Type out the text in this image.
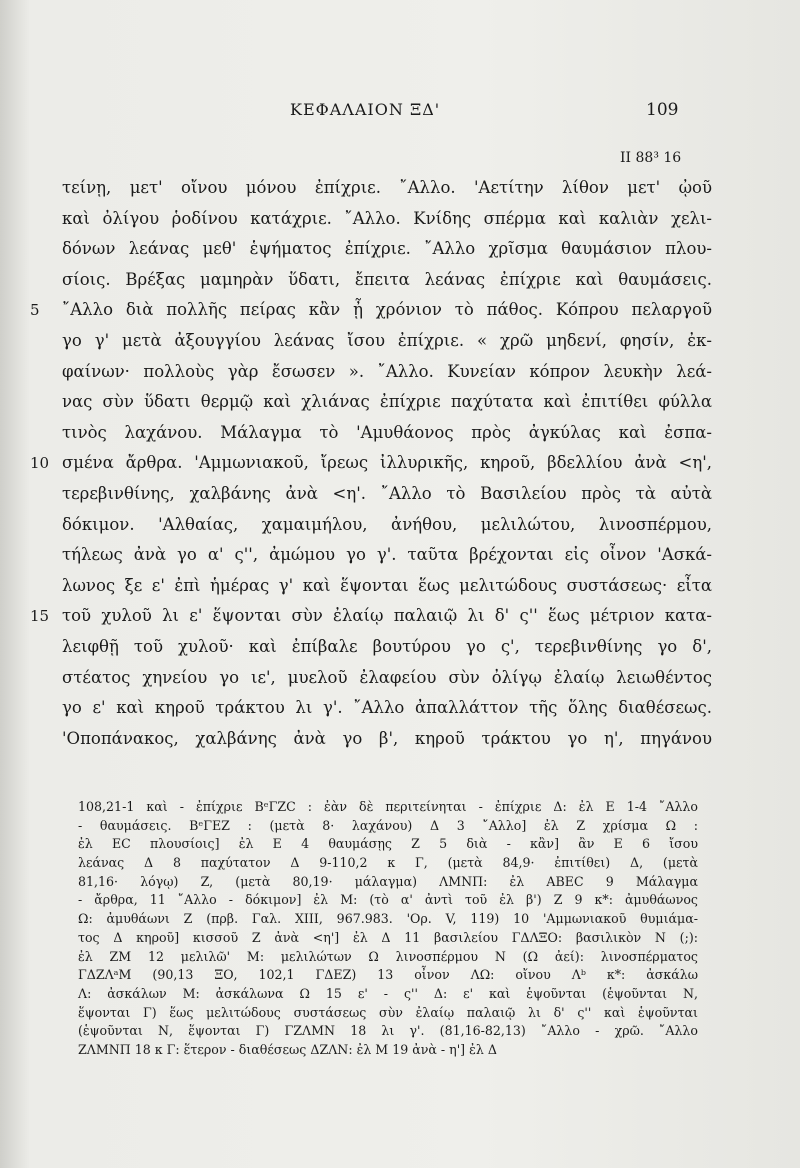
ΚΕΦΑΛΑΙΟΝ ΞΔ'	109
II 88³ 16
τείνῃ, μετ' οἴνου μόνου ἐπίχριε. ῎Αλλο. 'Αετίτην λίθον μετ' ᾠοῦ
καὶ ὀλίγου ῥοδίνου κατάχριε. ῎Αλλο. Κνίδης σπέρμα καὶ καλιὰν χελι-
δόνων λεάνας μεθ' ἑψήματος ἐπίχριε. ῎Αλλο χρῖσμα θαυμάσιον πλου-
σίοις. Βρέξας μαμηρὰν ὕδατι, ἔπειτα λεάνας ἐπίχριε καὶ θαυμάσεις.
5	῎Αλλο διὰ πολλῆς πείρας κἂν ᾖ χρόνιον τὸ πάθος. Κόπρου πελαργοῦ
γο γ' μετὰ ἀξουγγίου λεάνας ἴσου ἐπίχριε. « χρῶ μηδενί, φησίν, ἐκ-
φαίνων· πολλοὺς γὰρ ἔσωσεν ». ῎Αλλο. Κυνείαν κόπρον λευκὴν λεά-
νας σὺν ὕδατι θερμῷ καὶ χλιάνας ἐπίχριε παχύτατα καὶ ἐπιτίθει φύλλα
τινὸς λαχάνου. Μάλαγμα τὸ 'Αμυθάονος πρὸς ἀγκύλας καὶ ἐσπα-
10 σμένα ἄρθρα. 'Αμμωνιακοῦ, ἴρεως ἰλλυρικῆς, κηροῦ, βδελλίου ἀνὰ <η',
τερεβινθίνης, χαλβάνης ἀνὰ <η'. ῎Αλλο τὸ Βασιλείου πρὸς τὰ αὐτὰ
δόκιμον. 'Αλθαίας, χαμαιμήλου, ἀνήθου, μελιλώτου, λινοσπέρμου,
τήλεως ἀνὰ γο α' ς'', ἀμώμου γο γ'. ταῦτα βρέχονται εἰς οἶνον 'Ασκά-
λωνος ξε ε' ἐπὶ ἡμέρας γ' καὶ ἕψονται ἕως μελιτώδους συστάσεως· εἶτα
15 τοῦ χυλοῦ λι ε' ἕψονται σὺν ἐλαίῳ παλαιῷ λι δ' ς'' ἕως μέτριον κατα-
λειφθῇ τοῦ χυλοῦ· καὶ ἐπίβαλε βουτύρου γο ς', τερεβινθίνης γο δ',
στέατος χηνείου γο ιε', μυελοῦ ἐλαφείου σὺν ὀλίγῳ ἐλαίῳ λειωθέντος
γο ε' καὶ κηροῦ τράκτου λι γ'. ῎Αλλο ἀπαλλάττον τῆς ὅλης διαθέσεως.
'Οποπάνακος, χαλβάνης ἀνὰ γο β', κηροῦ τράκτου γο η', πηγάνου
108,21-1 καὶ - ἐπίχριε BᵉΓZC : ἐὰν δὲ περιτείνηται - ἐπίχριε Δ: ἐλ E 1-4 ῎Αλλο
- θαυμάσεις. BᵉΓEZ : (μετὰ 8· λαχάνου) Δ 3 ῎Αλλο] ἐλ Z χρίσμα Ω :
ἐλ EC πλουσίοις] ἐλ E 4 θαυμάσῃς Z 5 διὰ - κἂν] ἂν E 6 ἴσου
λεάνας Δ 8 παχύτατον Δ 9-110,2 κ Γ, (μετὰ 84,9· ἐπιτίθει) Δ, (μετὰ
81,16· λόγῳ) Z, (μετὰ 80,19· μάλαγμα) ΛΜΝΠ: ἐλ ABEC 9 Μάλαγμα
- ἄρθρα, 11 ῎Αλλο - δόκιμον] ἐλ Μ: (τὸ α' ἀντὶ τοῦ ἐλ β') Z 9 κ*: ἀμυθάωνος
Ω: ἀμυθάωνι Z (πρβ. Γαλ. XIII, 967.983. 'Ορ. V, 119) 10 'Αμμωνιακοῦ θυμιάμα-
τος Δ κηροῦ] κισσοῦ Z ἀνὰ <η'] ἐλ Δ 11 βασιλείου ΓΔΛΞΟ: βασιλικὸν Ν (;):
ἐλ ZM 12 μελιλῶ' Μ: μελιλώτων Ω λινοσπέρμου Ν (Ω ἀεί): λινοσπέρματος
ΓΔΖΛᵃΜ (90,13 ΞΟ, 102,1 ΓΔΕΖ) 13 οἶνον ΛΩ: οἴνου Λᵇ κ*: ἀσκάλω
Λ: ἀσκάλων Μ: ἀσκάλωνα Ω 15 ε' - ς'' Δ: ε' καὶ ἑψοῦνται (ἑψοῦνται Ν,
ἕψονται Γ) ἕως μελιτώδους συστάσεως σὺν ἐλαίῳ παλαιῷ λι δ' ς'' καὶ ἑψοῦνται
(ἑψοῦνται Ν, ἕψονται Γ) ΓΖΛΜΝ 18 λι γ'. (81,16-82,13) ῎Αλλο - χρῶ. ῎Αλλο
ΖΛΜΝΠ 18 κ Γ: ἕτερον - διαθέσεως ΔΖΛΝ: ἐλ Μ 19 ἀνὰ - η'] ἐλ Δ
